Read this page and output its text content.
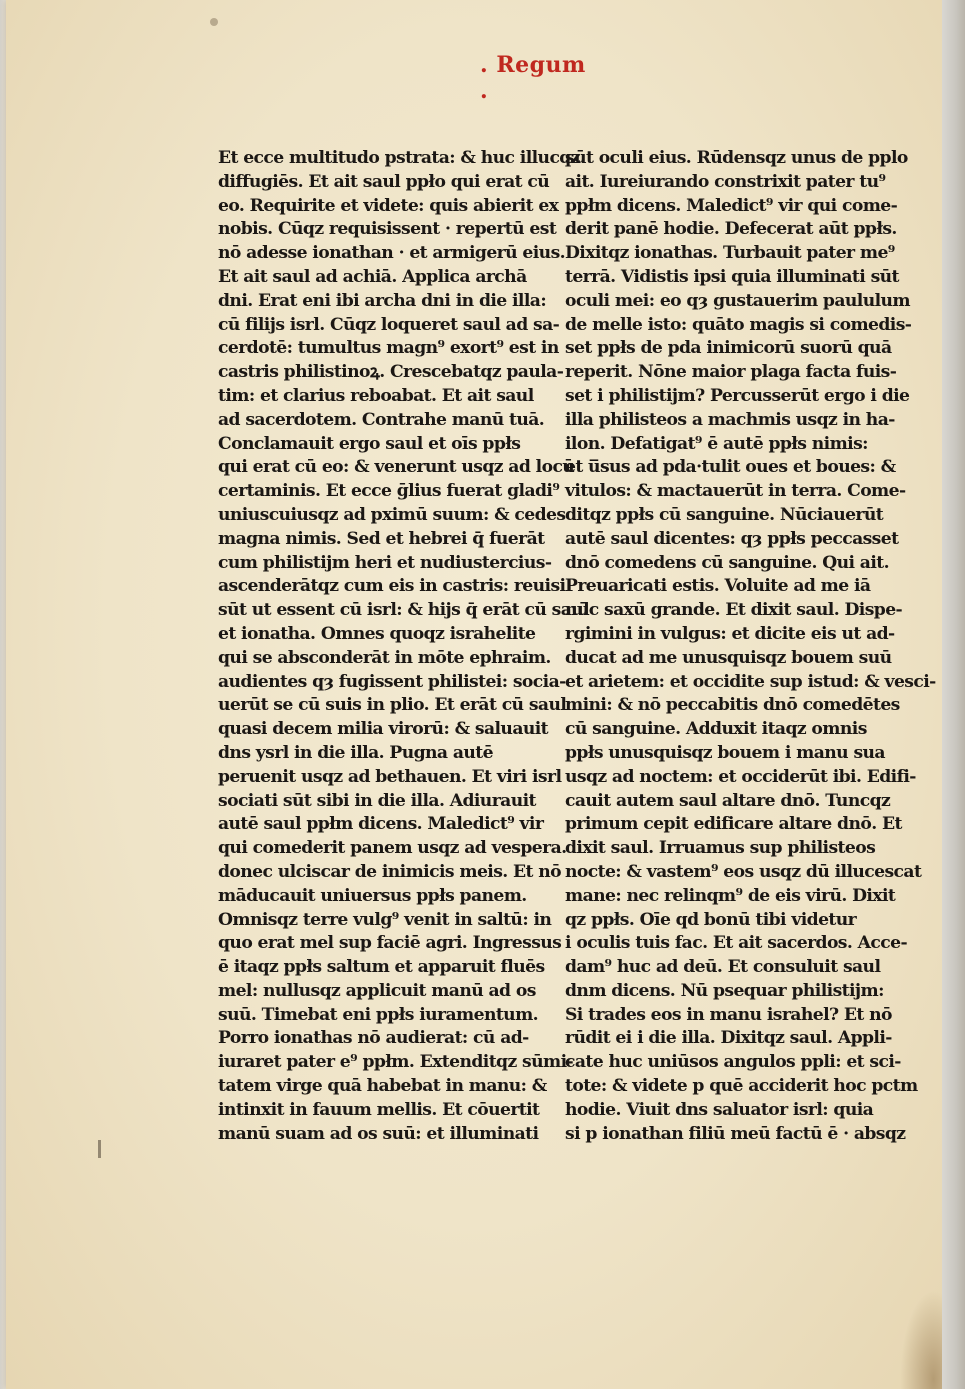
. Regum .
Et ecce multitudo pstrata: & huc illucqz
diffugiēs. Et ait saul ppło qui erat cū
eo. Requirite et videte: quis abierit ex
nobis. Cūqz requisissent · repertū est
nō adesse ionathan · et armigerū eius.
Et ait saul ad achiā. Applica archā
dni. Erat eni ibi archa dni in die illa:
cū filijs isrl. Cūqz loqueret saul ad sa-
cerdotē: tumultus magn⁹ exort⁹ est in
castris philistinoꝝ. Crescebatqz paula-
tim: et clarius reboabat. Et ait saul
ad sacerdotem. Contrahe manū tuā.
Conclamauit ergo saul et oīs ppłs
qui erat cū eo: & venerunt usqz ad locū
certaminis. Et ecce ḡlius fuerat gladi⁹
uniuscuiusqz ad pximū suum: & cedes
magna nimis. Sed et hebrei q̄ fuerāt
cum philistijm heri et nudiustercius-
ascenderātqz cum eis in castris: reuisi
sūt ut essent cū isrl: & hijs q̄ erāt cū saul
et ionatha. Omnes quoqz israhelite
qui se absconderāt in mōte ephraim.
audientes qȝ fugissent philistei: socia-
uerūt se cū suis in plio. Et erāt cū saul
quasi decem milia virorū: & saluauit
dns ysrl in die illa. Pugna autē
peruenit usqz ad bethauen. Et viri isrl
sociati sūt sibi in die illa. Adiurauit
autē saul ppłm dicens. Maledict⁹ vir
qui comederit panem usqz ad vespera.
donec ulciscar de inimicis meis. Et nō
māducauit uniuersus ppłs panem.
Omnisqz terre vulg⁹ venit in saltū: in
quo erat mel sup faciē agri. Ingressus
ē itaqz ppłs saltum et apparuit fluēs
mel: nullusqz applicuit manū ad os
suū. Timebat eni ppłs iuramentum.
Porro ionathas nō audierat: cū ad-
iuraret pater e⁹ ppłm. Extenditqz sūmi-
tatem virge quā habebat in manu: &
intinxit in fauum mellis. Et cōuertit
manū suam ad os suū: et illuminati
sūt oculi eius. Rūdensqz unus de pplo
ait. Iureiurando constrixit pater tu⁹
ppłm dicens. Maledict⁹ vir qui come-
derit panē hodie. Defecerat aūt ppłs.
Dixitqz ionathas. Turbauit pater me⁹
terrā. Vidistis ipsi quia illuminati sūt
oculi mei: eo qȝ gustauerim paululum
de melle isto: quāto magis si comedis-
set ppłs de pda inimicorū suorū quā
reperit. Nōne maior plaga facta fuis-
set i philistijm? Percusserūt ergo i die
illa philisteos a machmis usqz in ha-
ilon. Defatigat⁹ ē autē ppłs nimis:
et u̅sus ad pda·tulit oues et boues: &
vitulos: & mactauerūt in terra. Come-
ditqz ppłs cū sanguine. Nūciauerūt
autē saul dicentes: qȝ ppłs peccasset
dnō comedens cū sanguine. Qui ait.
Preuaricati estis. Voluite ad me iā
nūc saxū grande. Et dixit saul. Dispe-
rgimini in vulgus: et dicite eis ut ad-
ducat ad me unusquisqz bouem suū
et arietem: et occidite sup istud: & vesci-
mini: & nō peccabitis dnō comedētes
cū sanguine. Adduxit itaqz omnis
ppłs unusquisqz bouem i manu sua
usqz ad noctem: et occiderūt ibi. Edifi-
cauit autem saul altare dnō. Tuncqz
primum cepit edificare altare dnō. Et
dixit saul. Irruamus sup philisteos
nocte: & vastem⁹ eos usqz dū illucescat
mane: nec relinqm⁹ de eis virū. Dixit
qz ppłs. Oīe qd bonū tibi videtur
i oculis tuis fac. Et ait sacerdos. Acce-
dam⁹ huc ad deū. Et consuluit saul
dnm dicens. Nū psequar philistijm:
Si trades eos in manu israhel? Et nō
rūdit ei i die illa. Dixitqz saul. Appli-
cate huc uniūsos angulos ppli: et sci-
tote: & videte p quē acciderit hoc pctm
hodie. Viuit dns saluator isrl: quia
si p ionathan filiū meū factū ē · absqz
